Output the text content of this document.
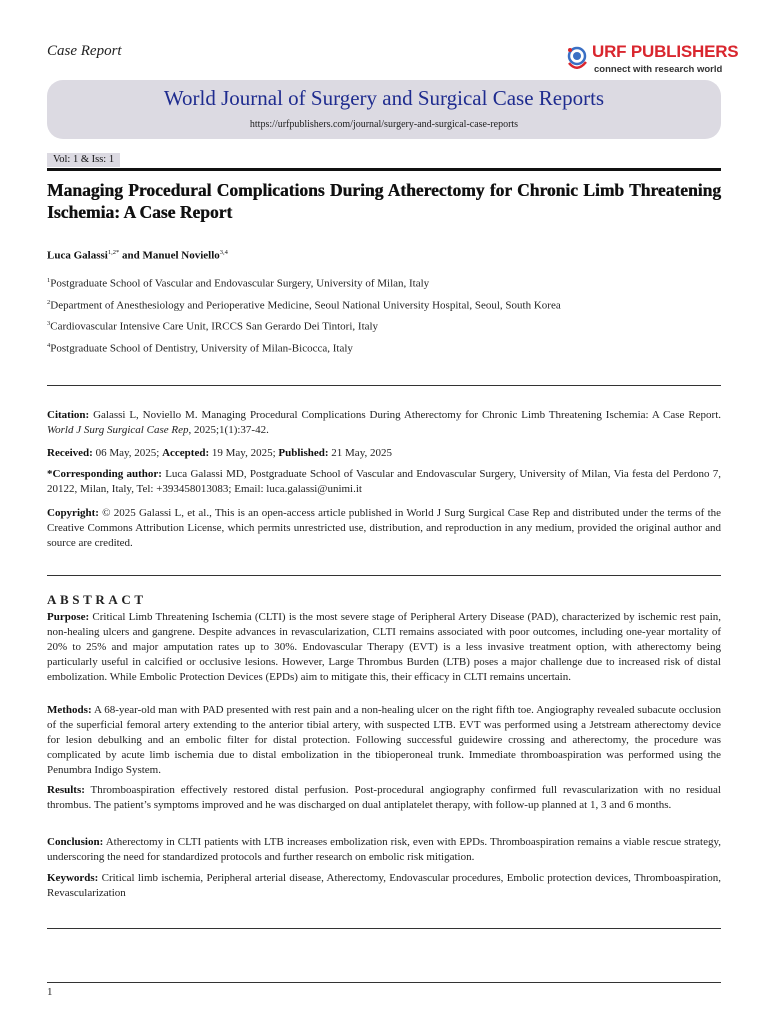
Case Report	URF PUBLISHERS
connect with research world
World Journal of Surgery and Surgical Case Reports
https://urfpublishers.com/journal/surgery-and-surgical-case-reports
Vol: 1 & Iss: 1
Managing Procedural Complications During Atherectomy for Chronic Limb Threatening Ischemia: A Case Report
Luca Galassi$^{1,2*}$ and Manuel Noviello$^{3,4}$
$^1$Postgraduate School of Vascular and Endovascular Surgery, University of Milan, Italy
$^2$Department of Anesthesiology and Perioperative Medicine, Seoul National University Hospital, Seoul, South Korea
$^3$Cardiovascular Intensive Care Unit, IRCCS San Gerardo Dei Tintori, Italy
$^4$Postgraduate School of Dentistry, University of Milan-Bicocca, Italy
Citation: Galassi L, Noviello M. Managing Procedural Complications During Atherectomy for Chronic Limb Threatening Ischemia: A Case Report. World J Surg Surgical Case Rep, 2025;1(1):37-42.
Received: 06 May, 2025; Accepted: 19 May, 2025; Published: 21 May, 2025
*Corresponding author: Luca Galassi MD, Postgraduate School of Vascular and Endovascular Surgery, University of Milan, Via festa del Perdono 7, 20122, Milan, Italy, Tel: +393458013083; Email: luca.galassi@unimi.it
Copyright: © 2025 Galassi L, et al., This is an open-access article published in World J Surg Surgical Case Rep and distributed under the terms of the Creative Commons Attribution License, which permits unrestricted use, distribution, and reproduction in any medium, provided the original author and source are credited.
ABSTRACT
Purpose: Critical Limb Threatening Ischemia (CLTI) is the most severe stage of Peripheral Artery Disease (PAD), characterized by ischemic rest pain, non-healing ulcers and gangrene. Despite advances in revascularization, CLTI remains associated with poor outcomes, including one-year mortality of 20% to 25% and major amputation rates up to 30%. Endovascular Therapy (EVT) is a less invasive treatment option, with atherectomy being particularly useful in calcified or occlusive lesions. However, Large Thrombus Burden (LTB) poses a major challenge due to increased risk of distal embolization. While Embolic Protection Devices (EPDs) aim to mitigate this, their efficacy in CLTI remains uncertain.
Methods: A 68-year-old man with PAD presented with rest pain and a non-healing ulcer on the right fifth toe. Angiography revealed subacute occlusion of the superficial femoral artery extending to the anterior tibial artery, with suspected LTB. EVT was performed using a Jetstream atherectomy device for lesion debulking and an embolic filter for distal protection. Following successful guidewire crossing and atherectomy, the procedure was complicated by acute limb ischemia due to distal embolization in the tibioperoneal trunk. Immediate thromboaspiration was performed using the Penumbra Indigo System.
Results: Thromboaspiration effectively restored distal perfusion. Post-procedural angiography confirmed full revascularization with no residual thrombus. The patient’s symptoms improved and he was discharged on dual antiplatelet therapy, with follow-up planned at 1, 3 and 6 months.
Conclusion: Atherectomy in CLTI patients with LTB increases embolization risk, even with EPDs. Thromboaspiration remains a viable rescue strategy, underscoring the need for standardized protocols and further research on embolic risk mitigation.
Keywords: Critical limb ischemia, Peripheral arterial disease, Atherectomy, Endovascular procedures, Embolic protection devices, Thromboaspiration, Revascularization
1
